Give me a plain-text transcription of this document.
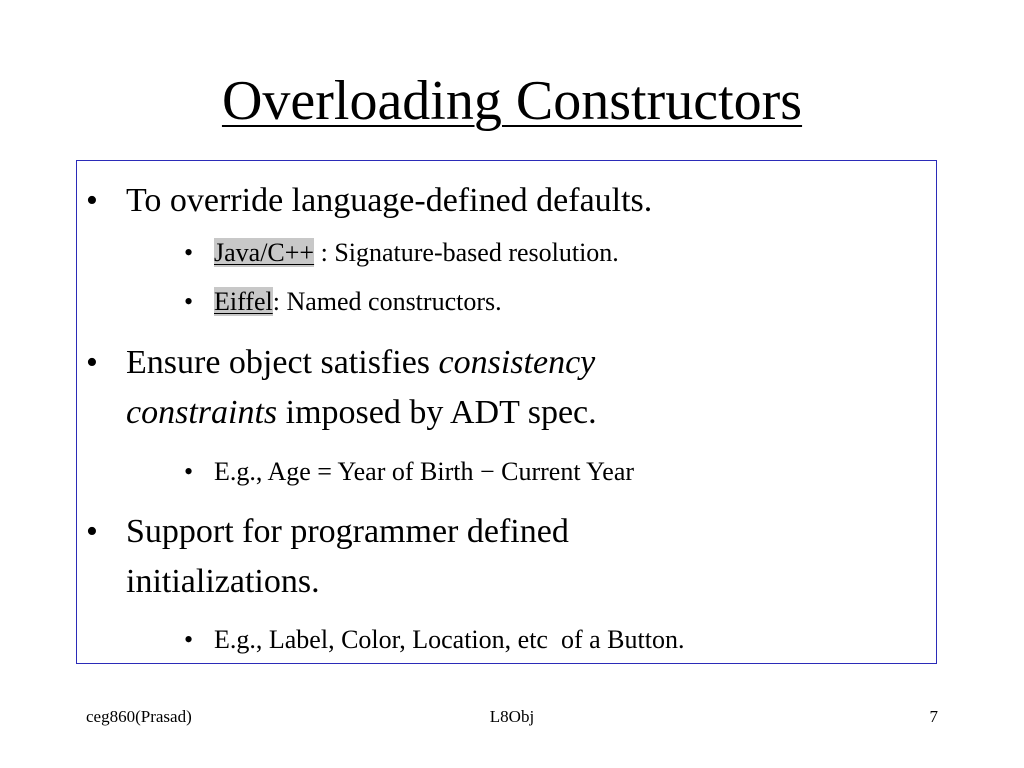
Overloading Constructors
• To override language-defined defaults.
• Java/C++ : Signature-based resolution.
• Eiffel: Named constructors.
• Ensure object satisfies consistency
constraints imposed by ADT spec.
• E.g., Age = Year of Birth − Current Year
• Support for programmer defined
initializations.
• E.g., Label, Color, Location, etc  of a Button.
ceg860(Prasad)	L8Obj	7
